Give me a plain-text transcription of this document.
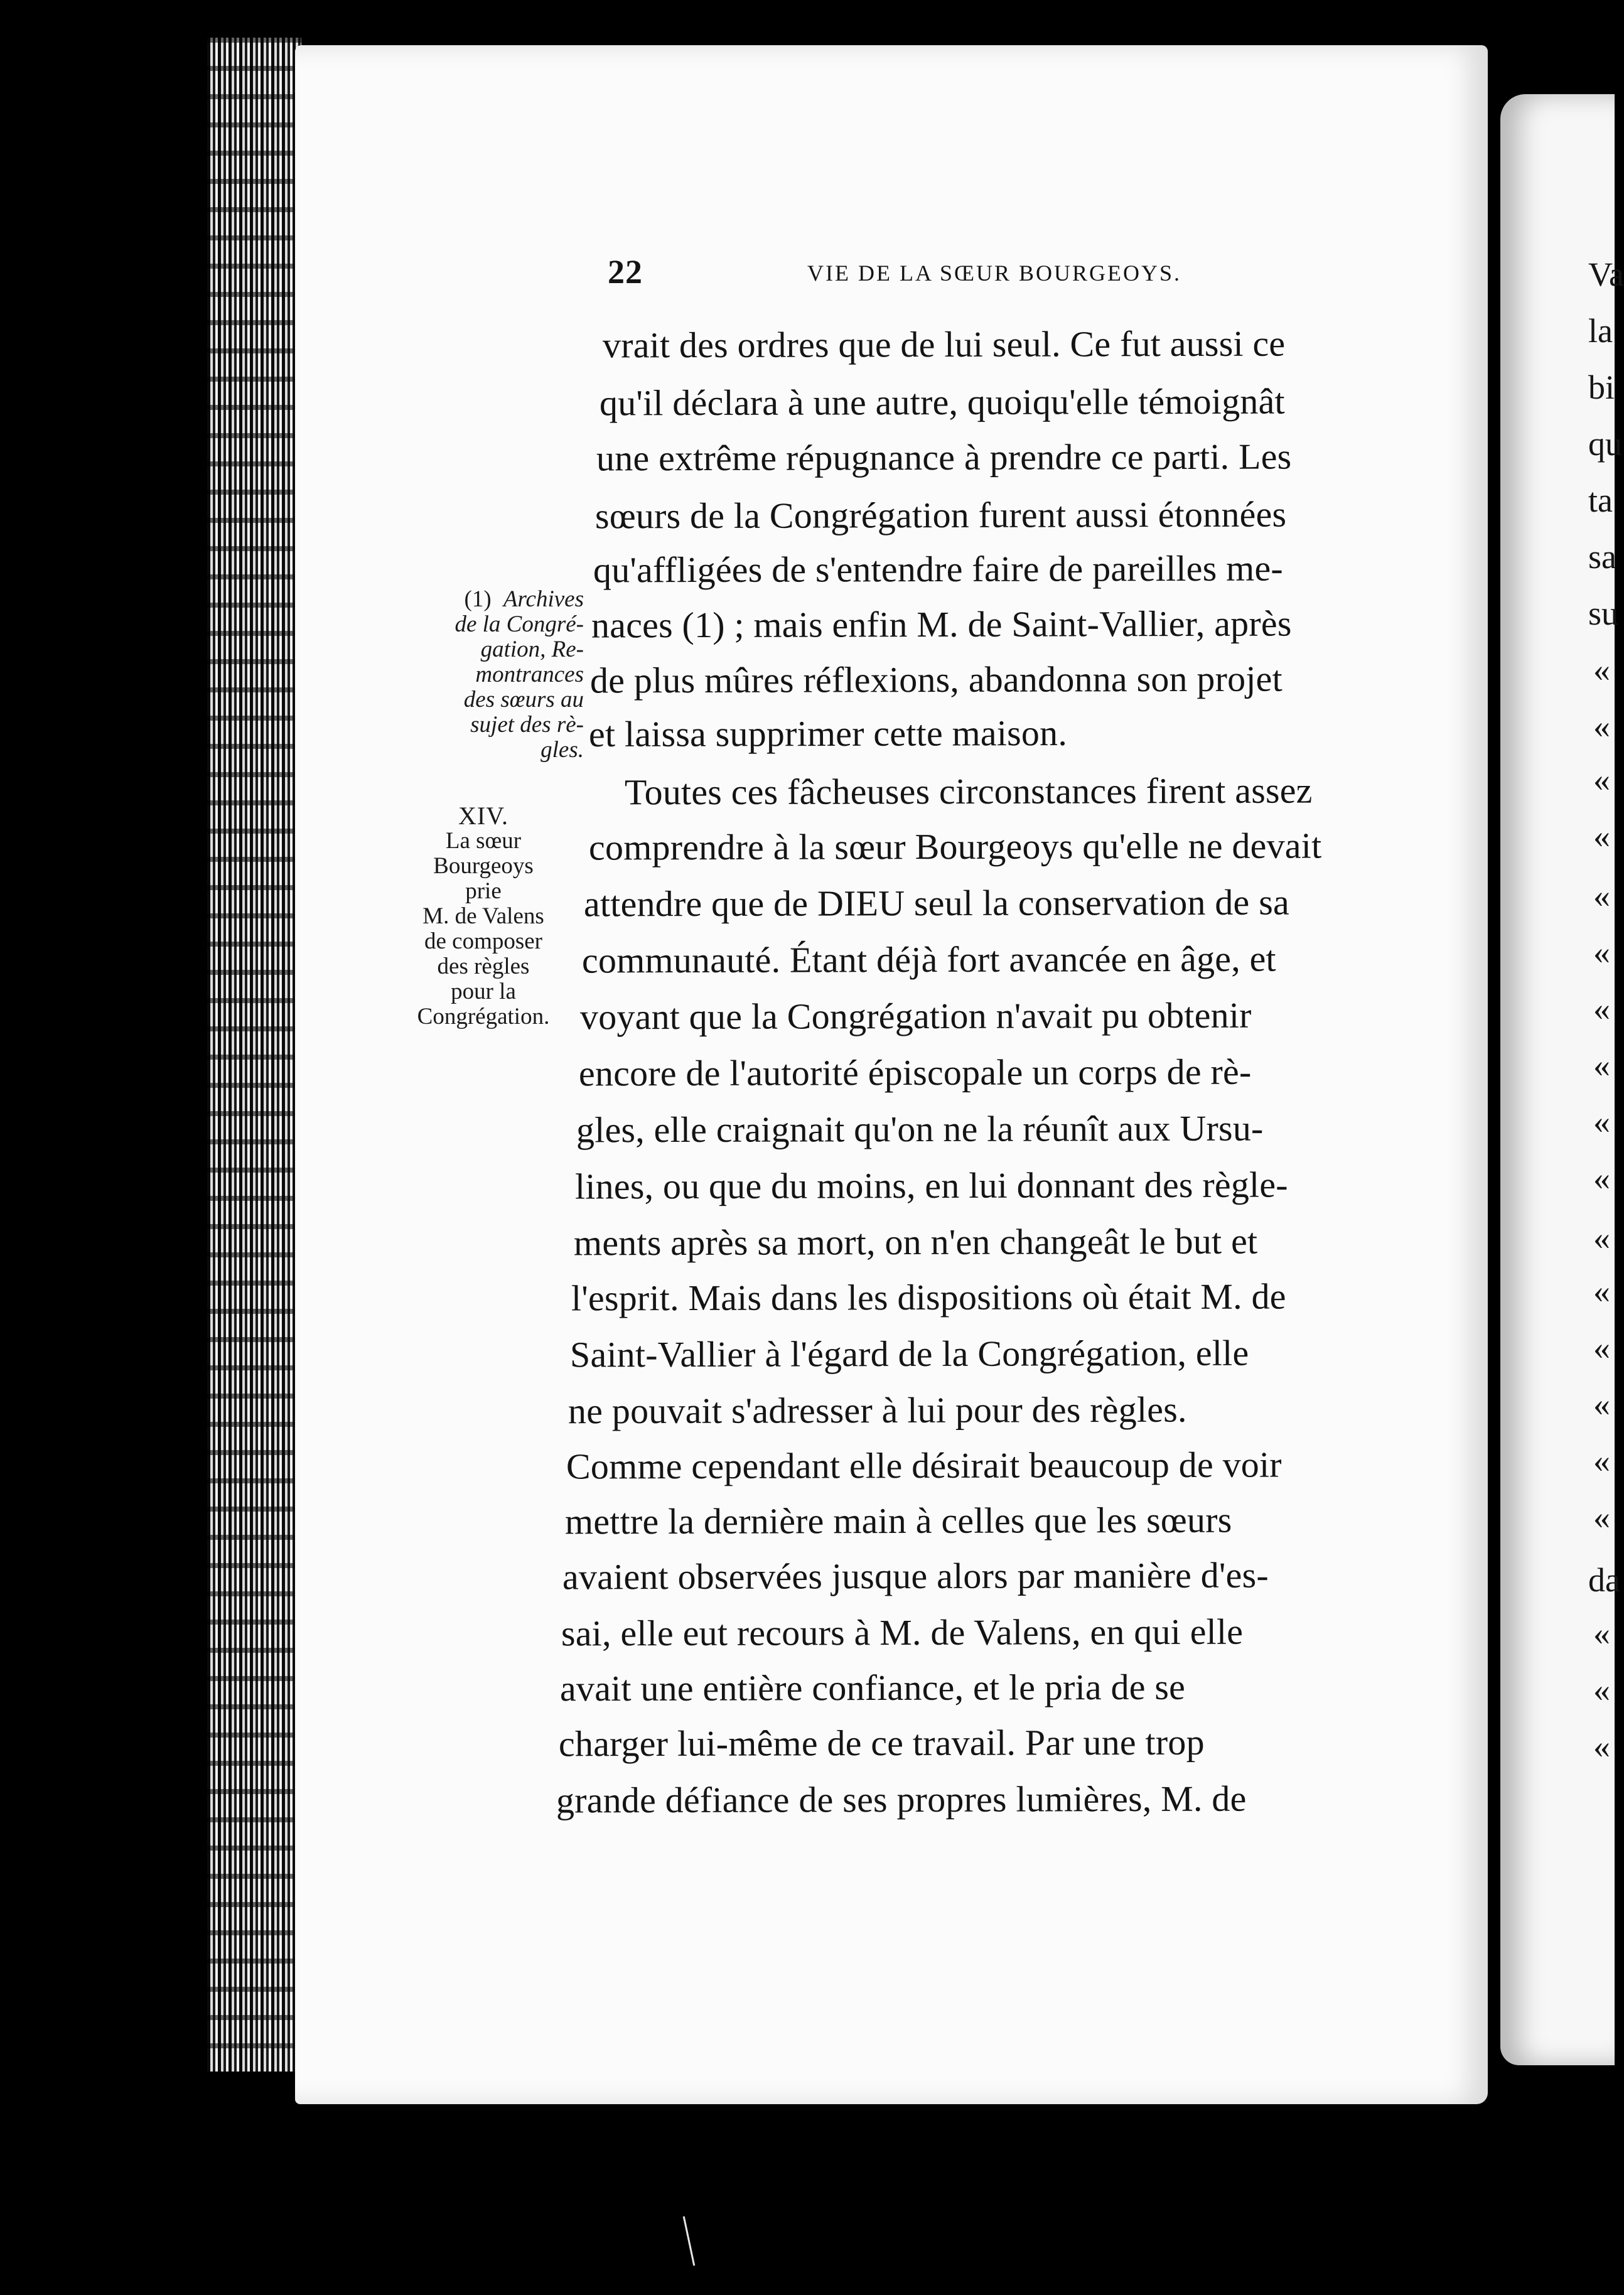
Va
la
bi
qu
ta
sa
su
«
«
«
«
«
«
«
«
«
«
«
«
«
«
«
«
da
«
«
«
22	VIE DE LA SŒUR BOURGEOYS.
(1) Archives
de la Congré-
gation, Re-
montrances
des sœurs au
sujet des rè-
gles.
XIV.
La sœur
Bourgeoys
prie
M. de Valens
de composer
des règles
pour la
Congrégation.
vrait des ordres que de lui seul. Ce fut aussi ce
qu'il déclara à une autre, quoiqu'elle témoignât
une extrême répugnance à prendre ce parti. Les
sœurs de la Congrégation furent aussi étonnées
qu'affligées de s'entendre faire de pareilles me-
naces (1) ; mais enfin M. de Saint-Vallier, après
de plus mûres réflexions, abandonna son projet
et laissa supprimer cette maison.
Toutes ces fâcheuses circonstances firent assez
comprendre à la sœur Bourgeoys qu'elle ne devait
attendre que de DIEU seul la conservation de sa
communauté. Étant déjà fort avancée en âge, et
voyant que la Congrégation n'avait pu obtenir
encore de l'autorité épiscopale un corps de rè-
gles, elle craignait qu'on ne la réunît aux Ursu-
lines, ou que du moins, en lui donnant des règle-
ments après sa mort, on n'en changeât le but et
l'esprit. Mais dans les dispositions où était M. de
Saint-Vallier à l'égard de la Congrégation, elle
ne pouvait s'adresser à lui pour des règles.
Comme cependant elle désirait beaucoup de voir
mettre la dernière main à celles que les sœurs
avaient observées jusque alors par manière d'es-
sai, elle eut recours à M. de Valens, en qui elle
avait une entière confiance, et le pria de se
charger lui-même de ce travail. Par une trop
grande défiance de ses propres lumières, M. de
